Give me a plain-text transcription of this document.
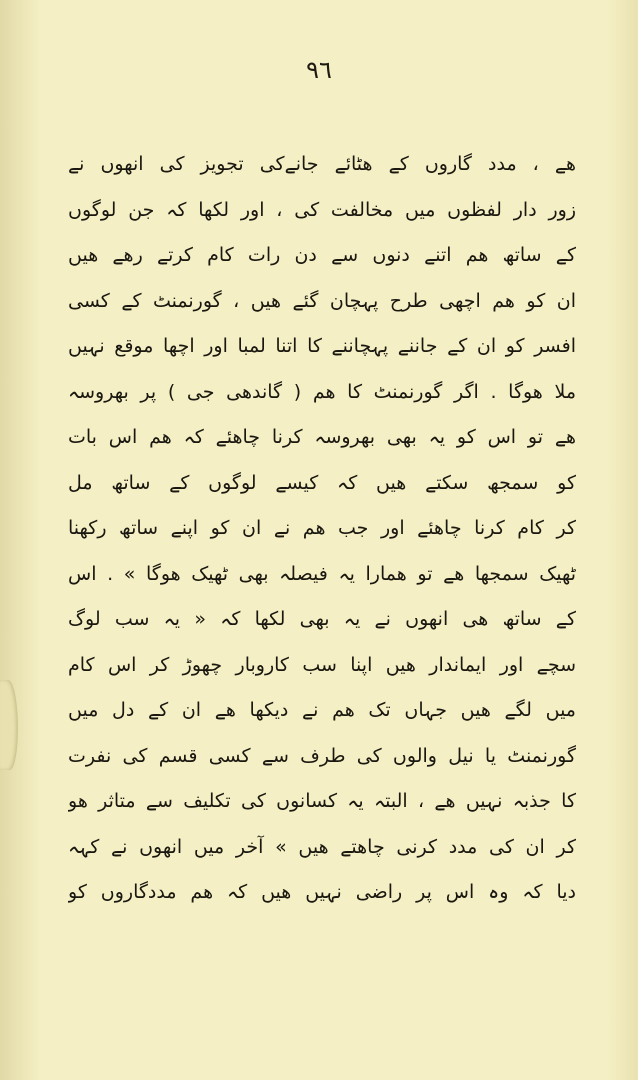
۹٦
ھے ، مدد گاروں کے ھٹائے جانےکی تجویز کی انھوں نے
زور دار لفظوں میں مخالفت کی ، اور لکھا کہ جن لوگوں
کے ساتھ ھم اتنے دنوں سے دن رات کام کرتے رھے ھیں
ان کو ھم اچھی طرح پہچان گئے ھیں ، گورنمنٹ کے کسی
افسر کو ان کے جاننے پہچاننے کا اتنا لمبا اور اچھا موقع نہیں
ملا ھوگا . اگر گورنمنٹ کا ھم ( گاندھی جی ) پر بھروسہ
ھے تو اس کو یہ بھی بھروسہ کرنا چاھئے کہ ھم اس بات
کو سمجھ سکتے ھیں کہ کیسے لوگوں کے ساتھ مل
کر کام کرنا چاھئے اور جب ھم نے ان کو اپنے ساتھ رکھنا
ٹھیک سمجھا ھے تو ھمارا یہ فیصلہ بھی ٹھیک ھوگا » . اس
کے ساتھ ھی انھوں نے یہ بھی لکھا کہ « یہ سب لوگ
سچے اور ایماندار ھیں اپنا سب کاروبار چھوڑ کر اس کام
میں لگے ھیں جہاں تک ھم نے دیکھا ھے ان کے دل میں
گورنمنٹ یا نیل والوں کی طرف سے کسی قسم کی نفرت
کا جذبہ نہیں ھے ، البتہ یہ کسانوں کی تکلیف سے متاثر ھو
کر ان کی مدد کرنی چاھتے ھیں » آخر میں انھوں نے کہہ
دیا کہ وہ اس پر راضی نہیں ھیں کہ ھم مددگاروں کو
